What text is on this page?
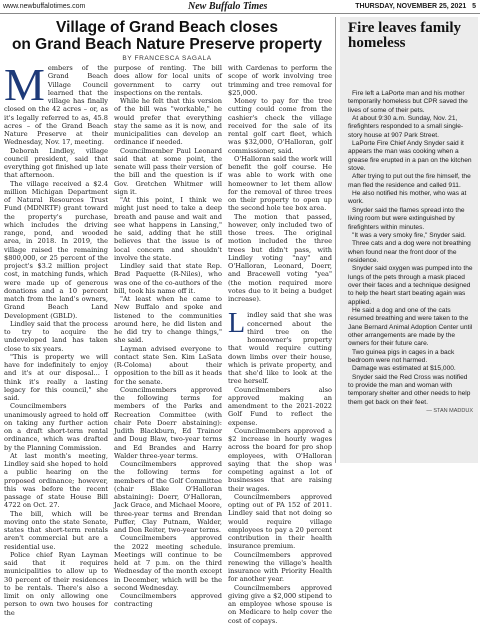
www.newbuffalotimes.com	New Buffalo Times	THURSDAY, NOVEMBER 25, 2021 5
Village of Grand Beach closes
on Grand Beach Nature Preserve property
BY FRANCESCA SAGALA
M embers of the Grand Beach Village Council learned that the village has finally closed on the 42 acres – or, as it's legally referred to as, 45.8 acres – of the Grand Beach Nature Preserve at their Wednesday, Nov. 17, meeting.

Deborah Lindley, village council president, said that everything got finished up late that afternoon.

The village received a $2.4 million Michigan Department of Natural Resources Trust Fund (MDNRTF) grant toward the property's purchase, which includes the driving range, pond, and wooded area, in 2018. In 2019, the village raised the remaining $800,000, or 25 percent of the project's $3.2 million project cost, in matching funds, which were made up of generous donations and a 10 percent match from the land's owners, Grand Beach Land Development (GBLD).

Lindley said that the process to try to acquire the undeveloped land has taken close to six years.

"This is property we will have for indefinitely to enjoy and it's at our disposal… I think it's really a lasting legacy for this council," she said.

Councilmembers unanimously agreed to hold off on taking any further action on a draft short-term rental ordinance, which was drafted by the Planning Commission.

At last month's meeting, Lindley said she hoped to hold a public hearing on the proposed ordinance; however, this was before the recent passage of state House Bill 4722 on Oct. 27.

The bill, which will be moving onto the state Senate, states that short-term rentals aren't commercial but are a residential use.

Police chief Ryan Layman said that it requires municipalities to allow up to 30 percent of their residences to be rentals. There's also a limit on only allowing one person to own two houses for the

purpose of renting. The bill does allow for local units of government to carry out inspections on the rentals.

While he felt that this version of the bill was "workable," he would prefer that everything stay the same as it is now, and municipalities can develop an ordinance if needed.

Councilmember Paul Leonard said that at some point, the senate will pass their version of the bill and the question is if Gov. Gretchen Whitmer will sign it.

"At this point, I think we might just need to take a deep breath and pause and wait and see what happens in Lansing," he said, adding that he still believes that the issue is of local concern and shouldn't involve the state.

Lindley said that state Rep. Brad Paquette (R-Niles), who was one of the co-authors of the bill, took his name off it.

"At least when he came to New Buffalo and spoke and listened to the communities around here, he did listen and he did try to change things," she said.

Layman advised everyone to contact state Sen. Kim LaSata (R-Coloma) about their opposition to the bill as it heads for the senate.

Councilmembers approved the following terms for members of the Parks and Recreation Committee (with chair Pete Doerr abstaining): Judith Blackburn, Ed Trainor and Doug Blaw, two-year terms and Ed Brandes and Harry Walder three-year terms.

Councilmembers approved the following terms for members of the Golf Committee (chair Blake O'Halloran abstaining): Doerr, O'Halloran, Jack Grace, and Michael Moore, three-year terms and Brendan Puffer, Clay Putnam, Walder, and Don Reiter, two-year terms.

Councilmembers approved the 2022 meeting schedule. Meetings will continue to be held at 7 p.m. on the third Wednesday of the month except in December, which will be the second Wednesday.

Councilmembers approved contracting

with Cardenas to perform the scope of work involving tree trimming and tree removal for $25,000.

Money to pay for the tree cutting could come from the cashier's check the village received for the sale of its rental golf cart fleet, which was $32,000, O'Halloran, golf commissioner, said.

O'Halloran said the work will benefit the golf course. He was able to work with one homeowner to let them allow for the removal of three trees on their property to open up the second hole tee box area.

The motion that passed, however, only included two of those trees. The original motion included the three trees but didn't pass, with Lindley voting "nay" and O'Halloran, Leonard, Doerr, and Bracewell voting "yea" (the motion required more votes due to it being a budget increase).

L indley said that she was concerned about the third tree on the homeowner's property that would require cutting down limbs over their house, which is private property, and that she'd like to look at the tree herself.

Councilmembers also approved making an amendment to the 2021-2022 Golf Fund to reflect the expense.

Councilmembers approved a $2 increase in hourly wages across the board for pro shop employees, with O'Halloran saying that the shop was competing against a lot of businesses that are raising their wages.

Councilmembers approved opting out of PA 152 of 2011. Lindley said that not doing so would require village employees to pay a 20 percent contribution in their health insurance premium.

Councilmembers approved renewing the village's health insurance with Priority Health for another year.

Councilmembers approved giving give a $2,000 stipend to an employee whose spouse is on Medicare to help cover the cost of copays.

Fire leaves family homeless

Fire left a LaPorte man and his mother temporarily homeless but CPR saved the lives of some of their pets.

At about 9:30 a.m. Sunday, Nov. 21, firefighters responded to a small single-story house at 907 Park Street.

LaPorte Fire Chief Andy Snyder said it appears the man was cooking when a grease fire erupted in a pan on the kitchen stove.

After trying to put out the fire himself, the man fled the residence and called 911.

He also notified his mother, who was at work.

Snyder said the flames spread into the living room but were extinguished by firefighters within minutes.

"It was a very smoky fire," Snyder said.

Three cats and a dog were not breathing when found near the front door of the residence.

Snyder said oxygen was pumped into the lungs of the pets through a mask placed over their faces and a technique designed to help the heart start beating again was applied.

He said a dog and one of the cats resumed breathing and were taken to the Jane Bernard Animal Adoption Center until other arrangements are made by the owners for their future care.

Two guinea pigs in cages in a back bedroom were not harmed.

Damage was estimated at $15,000.

Snyder said the Red Cross was notified to provide the man and woman with temporary shelter and other needs to help them get back on their feet.

— STAN MADDUX
